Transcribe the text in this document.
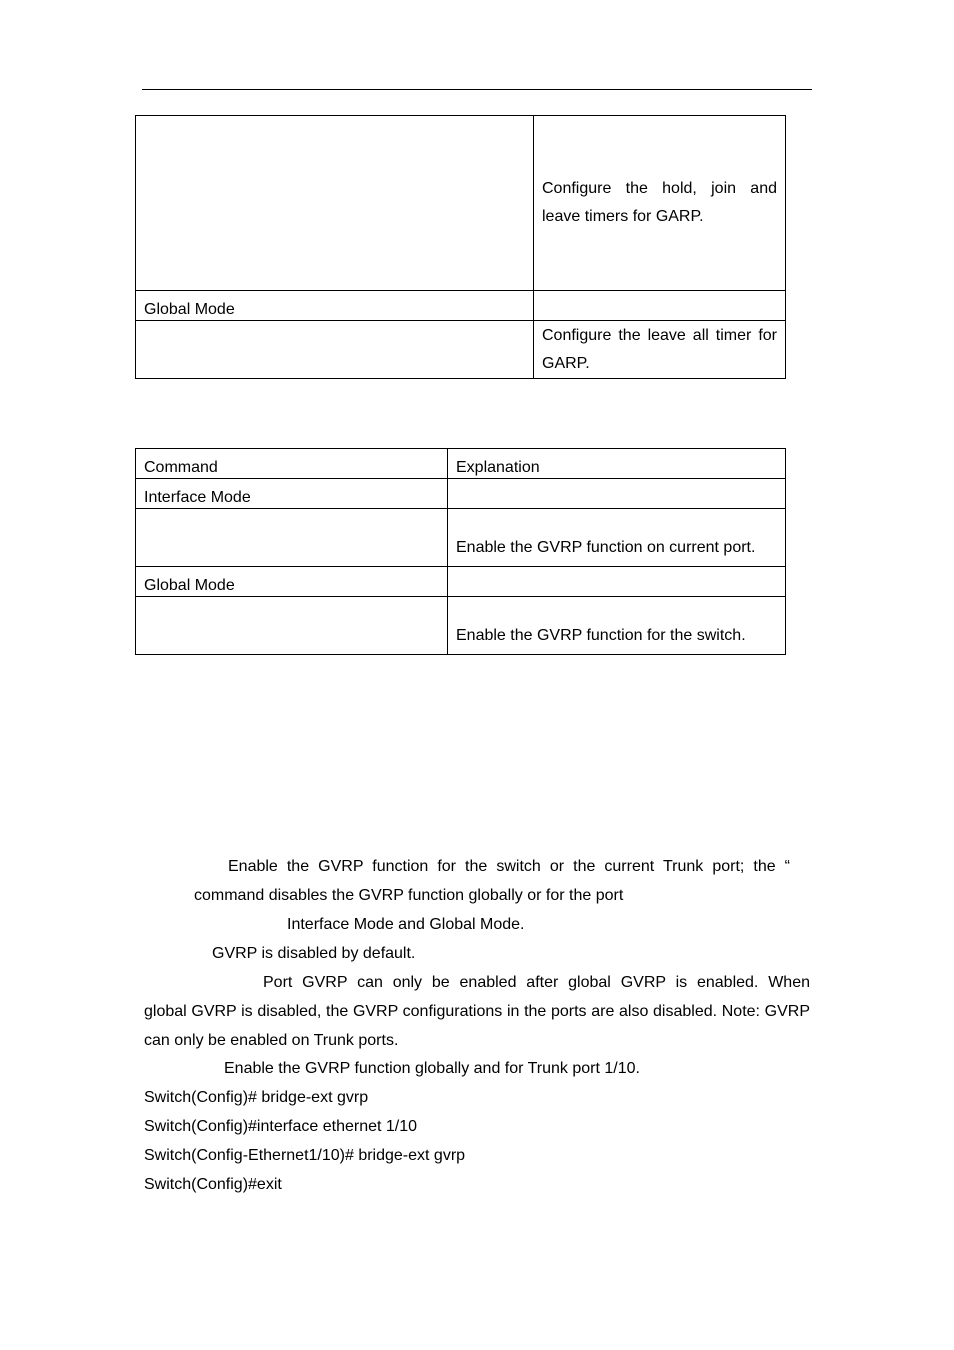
	Configure the hold, join and leave timers for GARP.
Global Mode	
	Configure the leave all timer for GARP.
Command	Explanation
Interface Mode	
	Enable the GVRP function on current port.
Global Mode	
	Enable the GVRP function for the switch.
Enable the GVRP function for the switch or the current Trunk port; the “
command disables the GVRP function globally or for the port
Interface Mode and Global Mode.
GVRP is disabled by default.
Port GVRP can only be enabled after global GVRP is enabled. When
global GVRP is disabled, the GVRP configurations in the ports are also disabled. Note: GVRP can only be enabled on Trunk ports.
Enable the GVRP function globally and for Trunk port 1/10.
Switch(Config)# bridge-ext gvrp
Switch(Config)#interface ethernet 1/10
Switch(Config-Ethernet1/10)# bridge-ext gvrp
Switch(Config)#exit
